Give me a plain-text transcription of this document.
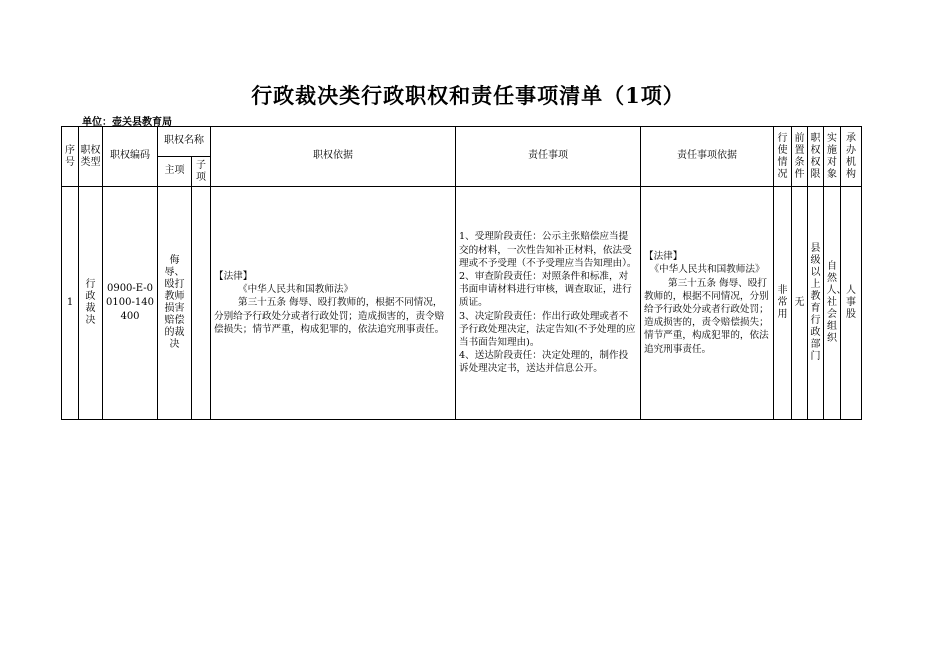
行政裁决类行政职权和责任事项清单（1项）
单位：壶关县教育局
序号	职权类型	职权编码	职权名称		职权依据	责任事项	责任事项依据	行使情况	前置条件	职权权限	实施对象	承办机构

			主项	子项								

1	行政裁决	0900-E-00100-140400	侮辱、殴打教师损害赔偿的裁决		【法律】
《中华人民共和国教师法》
第三十五条 侮辱、殴打教师的，根据不同情况，分别给予行政处分或者行政处罚；造成损害的，责令赔偿损失；情节严重，构成犯罪的，依法追究刑事责任。	1、受理阶段责任：公示主张赔偿应当提交的材料，一次性告知补正材料，依法受理或不予受理（不予受理应当告知理由）。
2、审查阶段责任：对照条件和标准，对书面申请材料进行审核，调查取证，进行质证。
3、决定阶段责任：作出行政处理或者不予行政处理决定，法定告知(不予处理的应当书面告知理由)。
4、送达阶段责任：决定处理的，制作投诉处理决定书，送达并信息公开。	【法律】
《中华人民共和国教师法》
第三十五条 侮辱、殴打教师的，根据不同情况，分别给予行政处分或者行政处罚；造成损害的，责令赔偿损失；情节严重，构成犯罪的，依法追究刑事责任。	非常用	无	县级以上教育行政部门	自然人、社会组织	人事股
